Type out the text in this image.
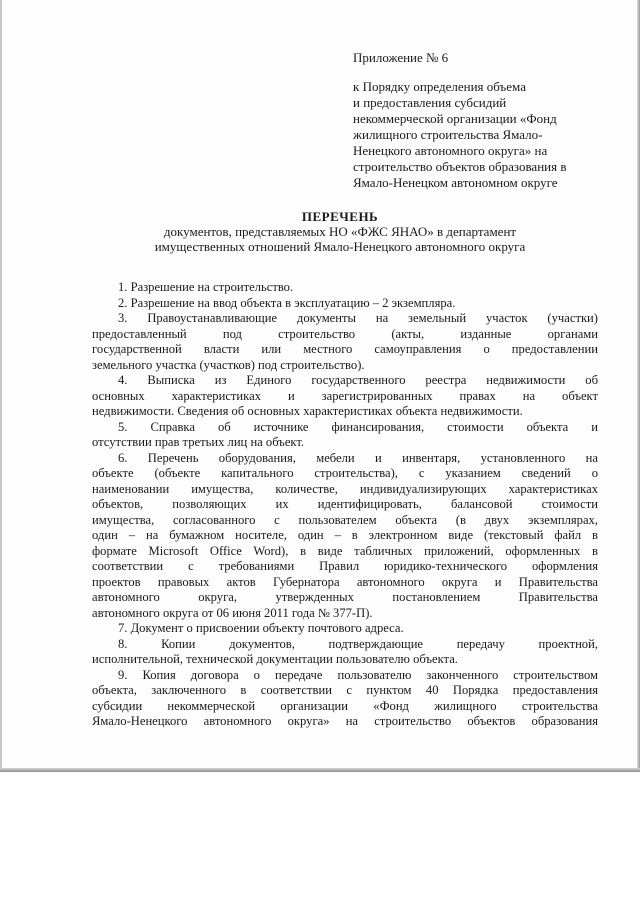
Приложение № 6
к Порядку определения объема
и предоставления субсидий
некоммерческой организации «Фонд
жилищного строительства Ямало-
Ненецкого автономного округа» на
строительство объектов образования в
Ямало-Ненецком автономном округе
ПЕРЕЧЕНЬ
документов, представляемых НО «ФЖС ЯНАО» в департамент
имущественных отношений Ямало-Ненецкого автономного округа
1. Разрешение на строительство.
2. Разрешение на ввод объекта в эксплуатацию – 2 экземпляра.
3. Правоустанавливающие документы на земельный участок (участки)
предоставленный под строительство (акты, изданные органами
государственной власти или местного самоуправления о предоставлении
земельного участка (участков) под строительство).
4. Выписка из Единого государственного реестра недвижимости об
основных характеристиках и зарегистрированных правах на объект
недвижимости. Сведения об основных характеристиках объекта недвижимости.
5. Справка об источнике финансирования, стоимости объекта и
отсутствии прав третьих лиц на объект.
6. Перечень оборудования, мебели и инвентаря, установленного на
объекте (объекте капитального строительства), с указанием сведений о
наименовании имущества, количестве, индивидуализирующих характеристиках
объектов, позволяющих их идентифицировать, балансовой стоимости
имущества, согласованного с пользователем объекта (в двух экземплярах,
один – на бумажном носителе, один – в электронном виде (текстовый файл в
формате Microsoft Office Word), в виде табличных приложений, оформленных в
соответствии с требованиями Правил юридико-технического оформления
проектов правовых актов Губернатора автономного округа и Правительства
автономного округа, утвержденных постановлением Правительства
автономного округа от 06 июня 2011 года № 377-П).
7. Документ о присвоении объекту почтового адреса.
8. Копии документов, подтверждающие передачу проектной,
исполнительной, технической документации пользователю объекта.
9. Копия договора о передаче пользователю законченного строительством
объекта, заключенного в соответствии с пунктом 40 Порядка предоставления
субсидии некоммерческой организации «Фонд жилищного строительства
Ямало-Ненецкого автономного округа» на строительство объектов образования
